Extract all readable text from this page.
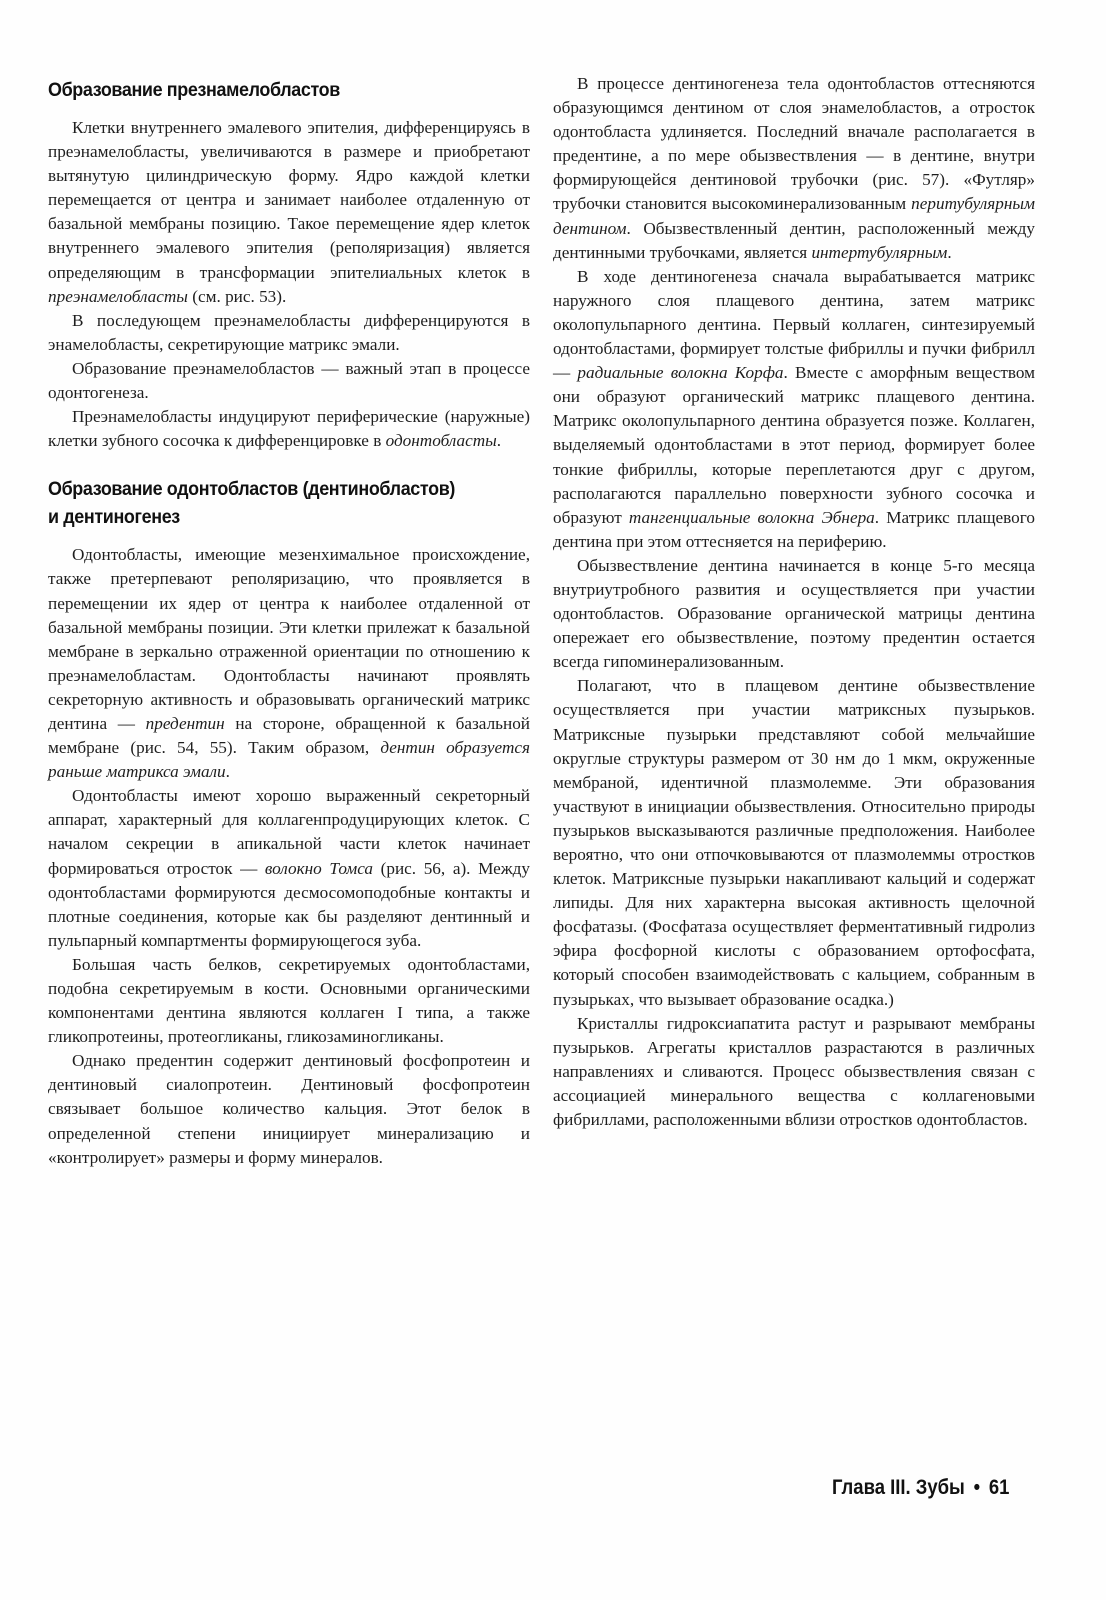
Образование презнамелобластов

Клетки внутреннего эмалевого эпителия, дифференцируясь в преэнамелобласты, увеличиваются в размере и приобретают вытянутую цилиндрическую форму. Ядро каждой клетки перемещается от центра и занимает наиболее отдаленную от базальной мембраны позицию. Такое перемещение ядер клеток внутреннего эмалевого эпителия (реполяризация) является определяющим в трансформации эпителиальных клеток в преэнамелобласты (см. рис. 53).

В последующем преэнамелобласты дифференцируются в энамелобласты, секретирующие матрикс эмали.

Образование преэнамелобластов — важный этап в процессе одонтогенеза.

Преэнамелобласты индуцируют периферические (наружные) клетки зубного сосочка к дифференцировке в одонтобласты.

Образование одонтобластов (дентинобластов)
и дентиногенез

Одонтобласты, имеющие мезенхимальное происхождение, также претерпевают реполяризацию, что проявляется в перемещении их ядер от центра к наиболее отдаленной от базальной мембраны позиции. Эти клетки прилежат к базальной мембране в зеркально отраженной ориентации по отношению к преэнамелобластам. Одонтобласты начинают проявлять секреторную активность и образовывать органический матрикс дентина — предентин на стороне, обращенной к базальной мембране (рис. 54, 55). Таким образом, дентин образуется раньше матрикса эмали.

Одонтобласты имеют хорошо выраженный секреторный аппарат, характерный для коллагенпродуцирующих клеток. С началом секреции в апикальной части клеток начинает формироваться отросток — волокно Томса (рис. 56, а). Между одонтобластами формируются десмосомоподобные контакты и плотные соединения, которые как бы разделяют дентинный и пульпарный компартменты формирующегося зуба.

Большая часть белков, секретируемых одонтобластами, подобна секретируемым в кости. Основными органическими компонентами дентина являются коллаген I типа, а также гликопротеины, протеогликаны, гликозаминогликаны.

Однако предентин содержит дентиновый фосфопротеин и дентиновый сиалопротеин. Дентиновый фосфопротеин связывает большое количество кальция. Этот белок в определенной степени инициирует минерализацию и «контролирует» размеры и форму минералов.

В процессе дентиногенеза тела одонтобластов оттесняются образующимся дентином от слоя энамелобластов, а отросток одонтобласта удлиняется. Последний вначале располагается в предентине, а по мере обызвествления — в дентине, внутри формирующейся дентиновой трубочки (рис. 57). «Футляр» трубочки становится высокоминерализованным перитубулярным дентином. Обызвествленный дентин, расположенный между дентинными трубочками, является интертубулярным.

В ходе дентиногенеза сначала вырабатывается матрикс наружного слоя плащевого дентина, затем матрикс околопульпарного дентина. Первый коллаген, синтезируемый одонтобластами, формирует толстые фибриллы и пучки фибрилл — радиальные волокна Корфа. Вместе с аморфным веществом они образуют органический матрикс плащевого дентина. Матрикс околопульпарного дентина образуется позже. Коллаген, выделяемый одонтобластами в этот период, формирует более тонкие фибриллы, которые переплетаются друг с другом, располагаются параллельно поверхности зубного сосочка и образуют тангенциальные волокна Эбнера. Матрикс плащевого дентина при этом оттесняется на периферию.

Обызвествление дентина начинается в конце 5-го месяца внутриутробного развития и осуществляется при участии одонтобластов. Образование органической матрицы дентина опережает его обызвествление, поэтому предентин остается всегда гипоминерализованным.

Полагают, что в плащевом дентине обызвествление осуществляется при участии матриксных пузырьков. Матриксные пузырьки представляют собой мельчайшие округлые структуры размером от 30 нм до 1 мкм, окруженные мембраной, идентичной плазмолемме. Эти образования участвуют в инициации обызвествления. Относительно природы пузырьков высказываются различные предположения. Наиболее вероятно, что они отпочковываются от плазмолеммы отростков клеток. Матриксные пузырьки накапливают кальций и содержат липиды. Для них характерна высокая активность щелочной фосфатазы. (Фосфатаза осуществляет ферментативный гидролиз эфира фосфорной кислоты с образованием ортофосфата, который способен взаимодействовать с кальцием, собранным в пузырьках, что вызывает образование осадка.)

Кристаллы гидроксиапатита растут и разрывают мембраны пузырьков. Агрегаты кристаллов разрастаются в различных направлениях и сливаются. Процесс обызвествления связан с ассоциацией минерального вещества с коллагеновыми фибриллами, расположенными вблизи отростков одонтобластов.

Глава III. Зубы • 61
